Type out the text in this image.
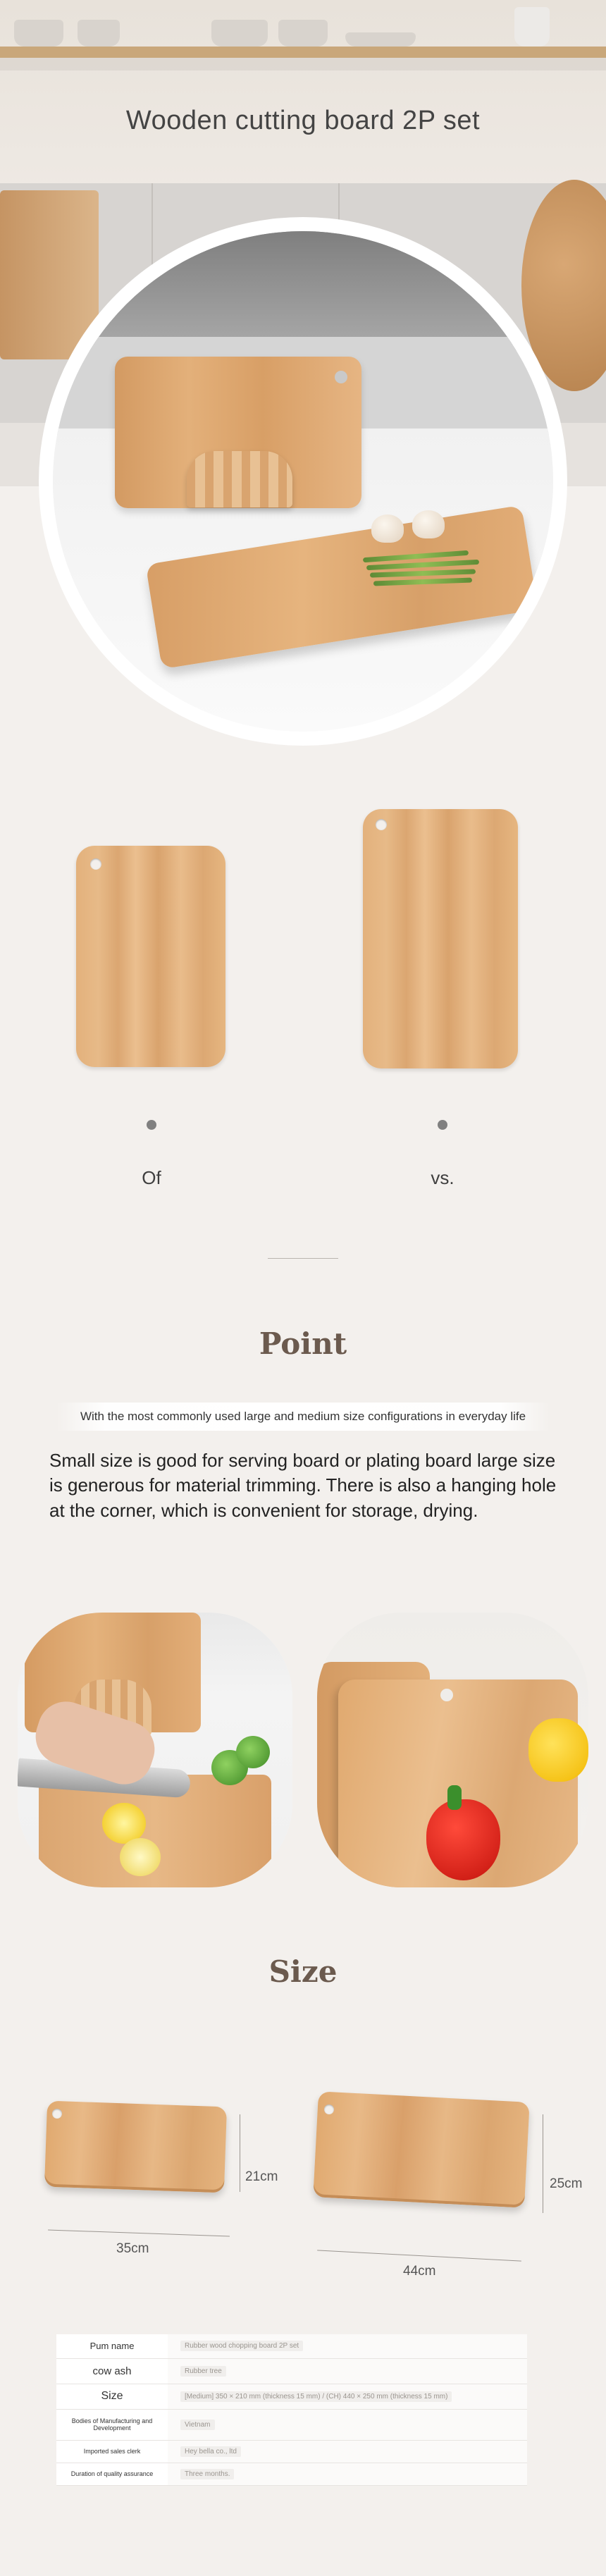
Wooden cutting board 2P set
Of	vs.
Point
With the most commonly used large and medium size configurations in everyday life
Small size is good for serving board or plating board large size is generous for material trimming. There is also a hanging hole at the corner, which is convenient for storage, drying.
Size
21cm
35cm
25cm
44cm
Pum name	Rubber wood chopping board 2P set
cow ash	Rubber tree
Size	[Medium] 350 × 210 mm (thickness 15 mm) / (CH) 440 × 250 mm (thickness 15 mm)
Bodies of Manufacturing and Development	Vietnam
Imported sales clerk	Hey bella co., ltd
Duration of quality assurance	Three months.
